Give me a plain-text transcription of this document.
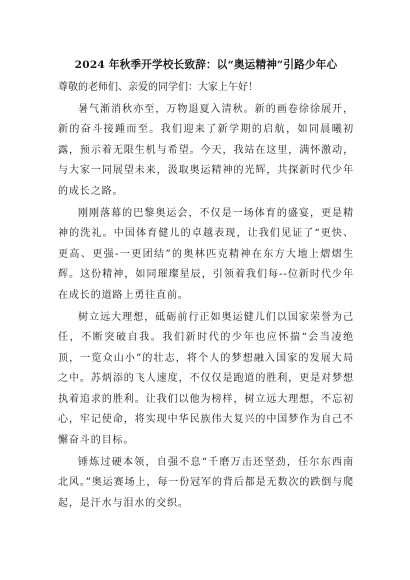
2024 年秋季开学校长致辞：以“奥运精神”引路少年心
尊敬的老师们、亲爱的同学们：大家上午好！

暑气渐消秋亦至，万物退夏入清秋。新的画卷徐徐展开，新的奋斗接踵而至。我们迎来了新学期的启航，如同晨曦初露，预示着无限生机与希望。今天，我站在这里，满怀激动，与大家一同展望未来，汲取奥运精神的光辉，共探新时代少年的成长之路。

刚刚落幕的巴黎奥运会，不仅是一场体育的盛宴，更是精神的洗礼。中国体育健儿的卓越表现，让我们见证了“更快、更高、更强-一更团结”的奥林匹克精神在东方大地上熠熠生辉。这份精神，如同璀璨星辰，引领着我们每--位新时代少年在成长的道路上勇往直前。

树立远大理想，砥砺前行正如奥运健儿们以国家荣誉为己任，不断突破自我。我们新时代的少年也应怀揣“会当凌绝顶，一览众山小”的壮志，将个人的梦想融入国家的发展大局之中。苏炳添的飞人速度，不仅仅是跑道的胜利，更是对梦想执着追求的胜利。让我们以他为榜样，树立远大理想，不忘初心，牢记使命，将实现中华民族伟大复兴的中国梦作为自己不懈奋斗的目标。

锤炼过硬本领，自强不息“千磨万击还坚劲，任尔东西南北风。”奥运赛场上，每一份冠军的背后都是无数次的跌倒与爬起，是汗水与泪水的交织。
